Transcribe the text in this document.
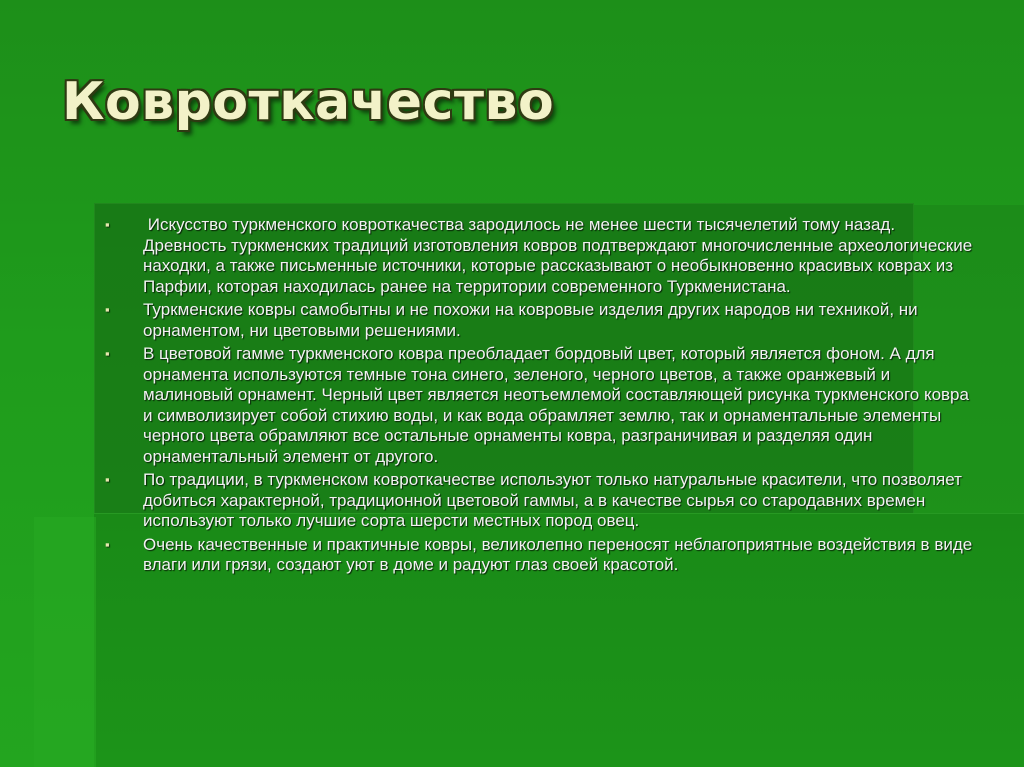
Ковроткачество
▪ Искусство туркменского ковроткачества зародилось не менее шести тысячелетий тому назад. Древность туркменских традиций изготовления ковров подтверждают многочисленные археологические находки, а также письменные источники, которые рассказывают о необыкновенно красивых коврах из Парфии, которая находилась ранее на территории современного Туркменистана.
▪ Туркменские ковры самобытны и не похожи на ковровые изделия других народов ни техникой, ни орнаментом, ни цветовыми решениями.
▪ В цветовой гамме туркменского ковра преобладает бордовый цвет, который является фоном. А для орнамента используются темные тона синего, зеленого, черного цветов, а также оранжевый и малиновый орнамент. Черный цвет является неотъемлемой составляющей рисунка туркменского ковра и символизирует собой стихию воды, и как вода обрамляет землю, так и орнаментальные элементы черного цвета обрамляют все остальные орнаменты ковра, разграничивая и разделяя один орнаментальный элемент от другого.
▪ По традиции, в туркменском ковроткачестве используют только натуральные красители, что позволяет добиться характерной, традиционной цветовой гаммы, а в качестве сырья со стародавних времен используют только лучшие сорта шерсти местных пород овец.
▪ Очень качественные и практичные ковры, великолепно переносят неблагоприятные воздействия в виде влаги или грязи, создают уют в доме и радуют глаз своей красотой.
